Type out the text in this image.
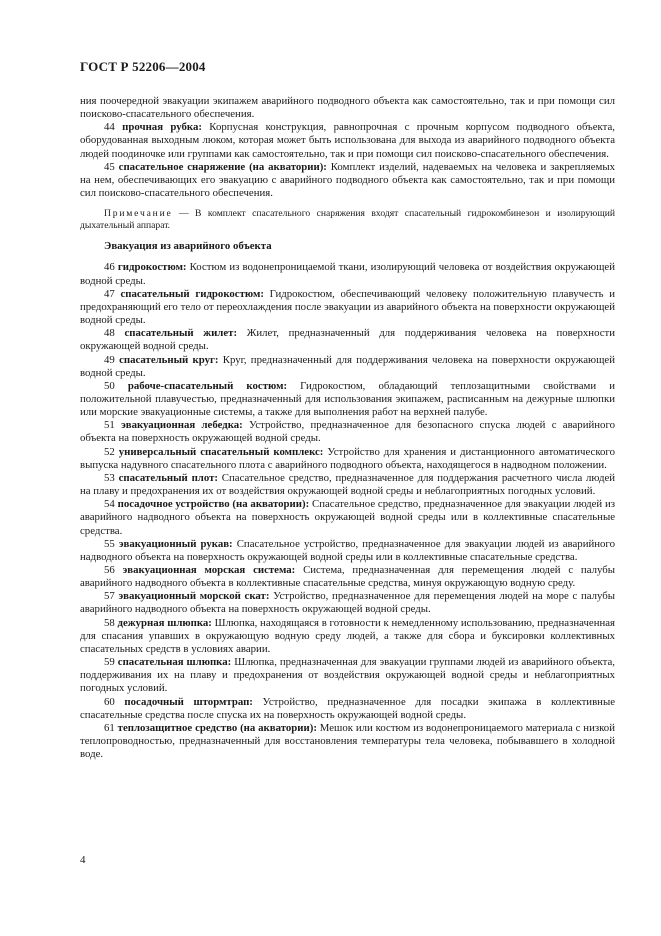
ГОСТ Р 52206—2004

ния поочередной эвакуации экипажем аварийного подводного объекта как самостоятельно, так и при помощи сил поисково-спасательного обеспечения.

44 прочная рубка: Корпусная конструкция, равнопрочная с прочным корпусом подводного объекта, оборудованная выходным люком, которая может быть использована для выхода из аварийного подводного объекта людей поодиночке или группами как самостоятельно, так и при помощи сил поисково-спасательного обеспечения.

45 спасательное снаряжение (на акватории): Комплект изделий, надеваемых на человека и закрепляемых на нем, обеспечивающих его эвакуацию с аварийного подводного объекта как самостоятельно, так и при помощи сил поисково-спасательного обеспечения.

Примечание — В комплект спасательного снаряжения входят спасательный гидрокомбинезон и изолирующий дыхательный аппарат.

Эвакуация из аварийного объекта

46 гидрокостюм: Костюм из водонепроницаемой ткани, изолирующий человека от воздействия окружающей водной среды.

47 спасательный гидрокостюм: Гидрокостюм, обеспечивающий человеку положительную плавучесть и предохраняющий его тело от переохлаждения после эвакуации из аварийного объекта на поверхности окружающей водной среды.

48 спасательный жилет: Жилет, предназначенный для поддерживания человека на поверхности окружающей водной среды.

49 спасательный круг: Круг, предназначенный для поддерживания человека на поверхности окружающей водной среды.

50 рабоче-спасательный костюм: Гидрокостюм, обладающий теплозащитными свойствами и положительной плавучестью, предназначенный для использования экипажем, расписанным на дежурные шлюпки или морские эвакуационные системы, а также для выполнения работ на верхней палубе.

51 эвакуационная лебедка: Устройство, предназначенное для безопасного спуска людей с аварийного объекта на поверхность окружающей водной среды.

52 универсальный спасательный комплекс: Устройство для хранения и дистанционного автоматического выпуска надувного спасательного плота с аварийного подводного объекта, находящегося в надводном положении.

53 спасательный плот: Спасательное средство, предназначенное для поддержания расчетного числа людей на плаву и предохранения их от воздействия окружающей водной среды и неблагоприятных погодных условий.

54 посадочное устройство (на акватории): Спасательное средство, предназначенное для эвакуации людей из аварийного надводного объекта на поверхность окружающей водной среды или в коллективные спасательные средства.

55 эвакуационный рукав: Спасательное устройство, предназначенное для эвакуации людей из аварийного надводного объекта на поверхность окружающей водной среды или в коллективные спасательные средства.

56 эвакуационная морская система: Система, предназначенная для перемещения людей с палубы аварийного надводного объекта в коллективные спасательные средства, минуя окружающую водную среду.

57 эвакуационный морской скат: Устройство, предназначенное для перемещения людей на море с палубы аварийного надводного объекта на поверхность окружающей водной среды.

58 дежурная шлюпка: Шлюпка, находящаяся в готовности к немедленному использованию, предназначенная для спасания упавших в окружающую водную среду людей, а также для сбора и буксировки коллективных спасательных средств в условиях аварии.

59 спасательная шлюпка: Шлюпка, предназначенная для эвакуации группами людей из аварийного объекта, поддерживания их на плаву и предохранения от воздействия окружающей водной среды и неблагоприятных погодных условий.

60 посадочный штормтрап: Устройство, предназначенное для посадки экипажа в коллективные спасательные средства после спуска их на поверхность окружающей водной среды.

61 теплозащитное средство (на акватории): Мешок или костюм из водонепроницаемого материала с низкой теплопроводностью, предназначенный для восстановления температуры тела человека, побывавшего в холодной воде.

4
